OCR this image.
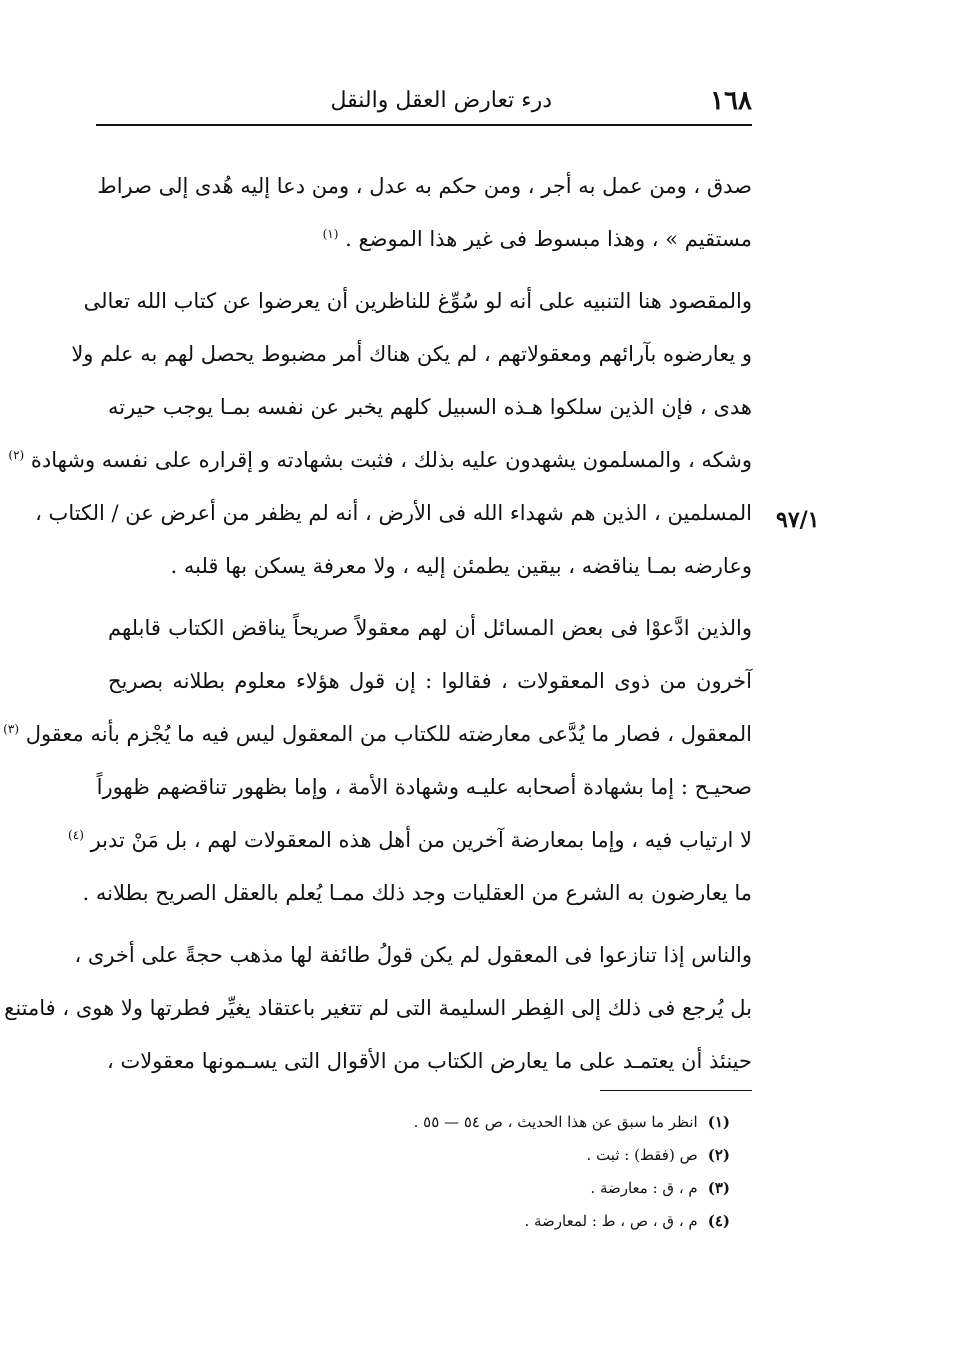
١٦٨
درء تعارض العقل والنقل
٩٧/١

صدق ، ومن عمل به أجر ، ومن حكم به عدل ، ومن دعا إليه هُدى إلى صراط
مستقيم » ، وهذا مبسوط فى غير هذا الموضع . $^{(١)}$

والمقصود هنا التنبيه على أنه لو سُوِّغ للناظرين أن يعرضوا عن كتاب الله تعالى
و يعارضوه بآرائهم ومعقولاتهم ، لم يكن هناك أمر مضبوط يحصل لهم به علم ولا
هدى ، فإن الذين سلكوا هـذه السبيل كلهم يخبر عن نفسه بمـا يوجب حيرته
وشكه ، والمسلمون يشهدون عليه بذلك ، فثبت بشهادته و إقراره على نفسه وشهادة $^{(٢)}$
المسلمين ، الذين هم شهداء الله فى الأرض ، أنه لم يظفر من أعرض عن / الكتاب ،
وعارضه بمـا يناقضه ، بيقين يطمئن إليه ، ولا معرفة يسكن بها قلبه .

والذين ادَّعوْا فى بعض المسائل أن لهم معقولاً صريحاً يناقض الكتاب قابلهم
آخرون من ذوى المعقولات ، فقالوا : إن قول هؤلاء معلوم بطلانه بصريح
المعقول ، فصار ما يُدَّعى معارضته للكتاب من المعقول ليس فيه ما يُجْزم بأنه معقول $^{(٣)}$
صحيـح : إما بشهادة أصحابه عليـه وشهادة الأمة ، وإما بظهور تناقضهم ظهوراً
لا ارتياب فيه ، وإما بمعارضة آخرين من أهل هذه المعقولات لهم ، بل مَنْ تدبر $^{(٤)}$
ما يعارضون به الشرع من العقليات وجد ذلك ممـا يُعلم بالعقل الصريح بطلانه .

والناس إذا تنازعوا فى المعقول لم يكن قولُ طائفة لها مذهب حجةً على أخرى ،
بل يُرجع فى ذلك إلى الفِطر السليمة التى لم تتغير باعتقاد يغيِّر فطرتها ولا هوى ، فامتنع
حينئذ أن يعتمـد على ما يعارض الكتاب من الأقوال التى يسـمونها معقولات ،

(١)انظر ما سبق عن هذا الحديث ، ص ٥٤ — ٥٥ .
(٢)ص (فقط) : ثبت .
(٣)م ، ق : معارضة .
(٤)م ، ق ، ص ، ط : لمعارضة .
